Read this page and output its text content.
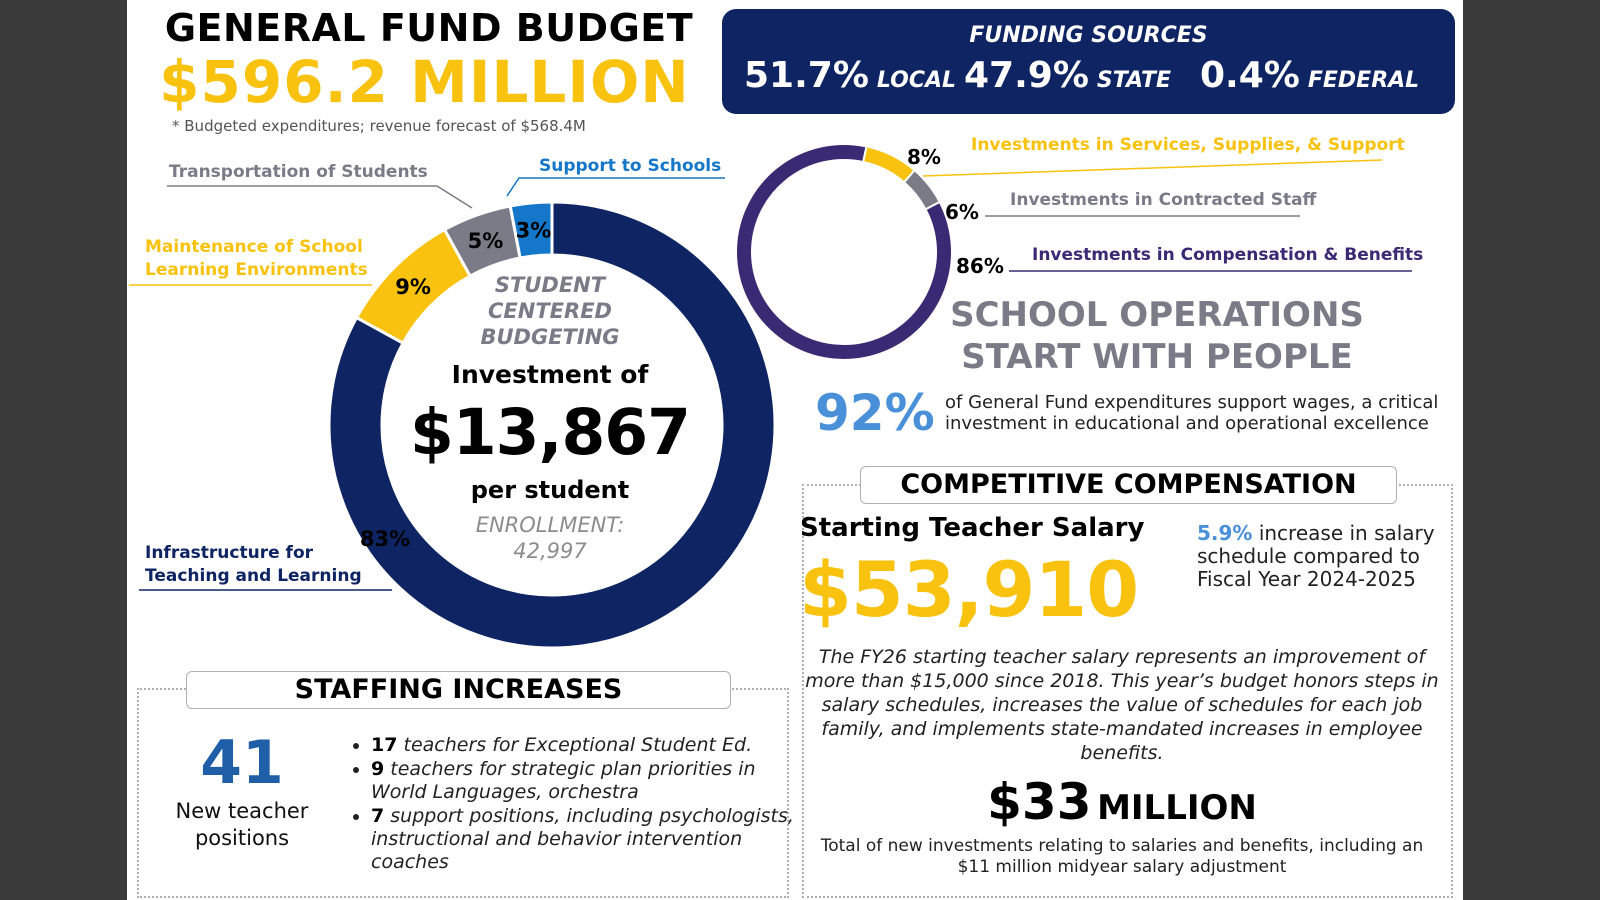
GENERAL FUND BUDGET
$596.2 MILLION
* Budgeted expenditures; revenue forecast of $568.4M
FUNDING SOURCES
51.7% LOCAL 47.9% STATE 0.4% FEDERAL
83%
9%
5% 3%
STUDENT
CENTERED
BUDGETING
Investment of
$13,867
per student
ENROLLMENT:
42,997
Transportation of Students	Support to Schools
Maintenance of School
Learning Environments
Infrastructure for
Teaching and Learning
8%
6%
86%
Investments in Services, Supplies, & Support
Investments in Contracted Staff
Investments in Compensation & Benefits
SCHOOL OPERATIONS
START WITH PEOPLE
92% of General Fund expenditures support wages, a critical investment in educational and operational excellence
COMPETITIVE COMPENSATION
Starting Teacher Salary
$53,910
5.9% increase in salary schedule compared to Fiscal Year 2024-2025
The FY26 starting teacher salary represents an improvement of more than $15,000 since 2018. This year’s budget honors steps in salary schedules, increases the value of schedules for each job family, and implements state-mandated increases in employee benefits.
$33 MILLION
Total of new investments relating to salaries and benefits, including an $11 million midyear salary adjustment
STAFFING INCREASES
41
New teacher positions
• 17 teachers for Exceptional Student Ed.
• 9 teachers for strategic plan priorities in World Languages, orchestra
• 7 support positions, including psychologists, instructional and behavior intervention coaches
